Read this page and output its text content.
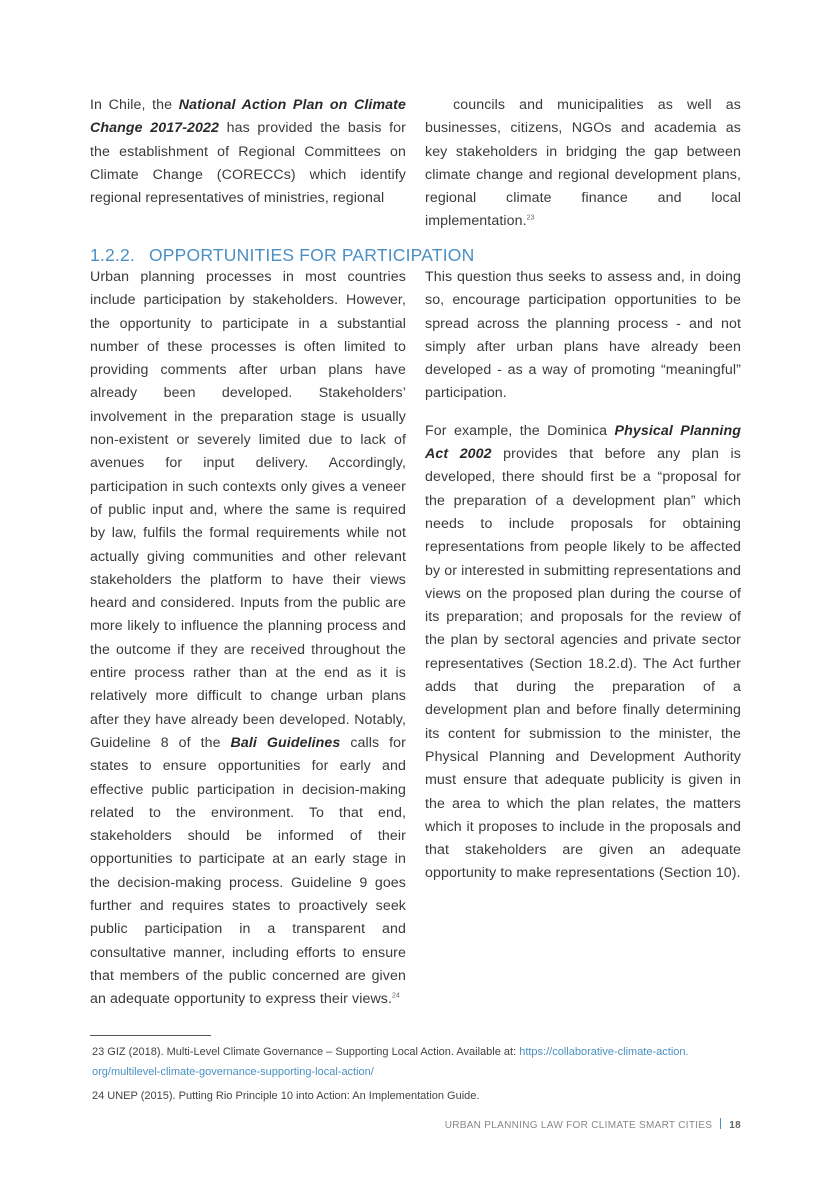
In Chile, the National Action Plan on Climate Change 2017-2022 has provided the basis for the establishment of Regional Committees on Climate Change (CORECCs) which identify regional representatives of ministries, regional

councils and municipalities as well as businesses, citizens, NGOs and academia as key stakeholders in bridging the gap between climate change and regional development plans, regional climate finance and local implementation.$^{23}$

1.2.2. OPPORTUNITIES FOR PARTICIPATION

Urban planning processes in most countries include participation by stakeholders. However, the opportunity to participate in a substantial number of these processes is often limited to providing comments after urban plans have already been developed. Stakeholders’ involvement in the preparation stage is usually non-existent or severely limited due to lack of avenues for input delivery. Accordingly, participation in such contexts only gives a veneer of public input and, where the same is required by law, fulfils the formal requirements while not actually giving communities and other relevant stakeholders the platform to have their views heard and considered. Inputs from the public are more likely to influence the planning process and the outcome if they are received throughout the entire process rather than at the end as it is relatively more difficult to change urban plans after they have already been developed. Notably, Guideline 8 of the Bali Guidelines calls for states to ensure opportunities for early and effective public participation in decision-making related to the environment. To that end, stakeholders should be informed of their opportunities to participate at an early stage in the decision-making process. Guideline 9 goes further and requires states to proactively seek public participation in a transparent and consultative manner, including efforts to ensure that members of the public concerned are given an adequate opportunity to express their views.$^{24}$

This question thus seeks to assess and, in doing so, encourage participation opportunities to be spread across the planning process - and not simply after urban plans have already been developed - as a way of promoting “meaningful” participation.

For example, the Dominica Physical Planning Act 2002 provides that before any plan is developed, there should first be a “proposal for the preparation of a development plan” which needs to include proposals for obtaining representations from people likely to be affected by or interested in submitting representations and views on the proposed plan during the course of its preparation; and proposals for the review of the plan by sectoral agencies and private sector representatives (Section 18.2.d). The Act further adds that during the preparation of a development plan and before finally determining its content for submission to the minister, the Physical Planning and Development Authority must ensure that adequate publicity is given in the area to which the plan relates, the matters which it proposes to include in the proposals and that stakeholders are given an adequate opportunity to make representations (Section 10).

23 GIZ (2018). Multi-Level Climate Governance – Supporting Local Action. Available at: https://collaborative-climate-action.
org/multilevel-climate-governance-supporting-local-action/

24 UNEP (2015). Putting Rio Principle 10 into Action: An Implementation Guide.

URBAN PLANNING LAW FOR CLIMATE SMART CITIES 18
